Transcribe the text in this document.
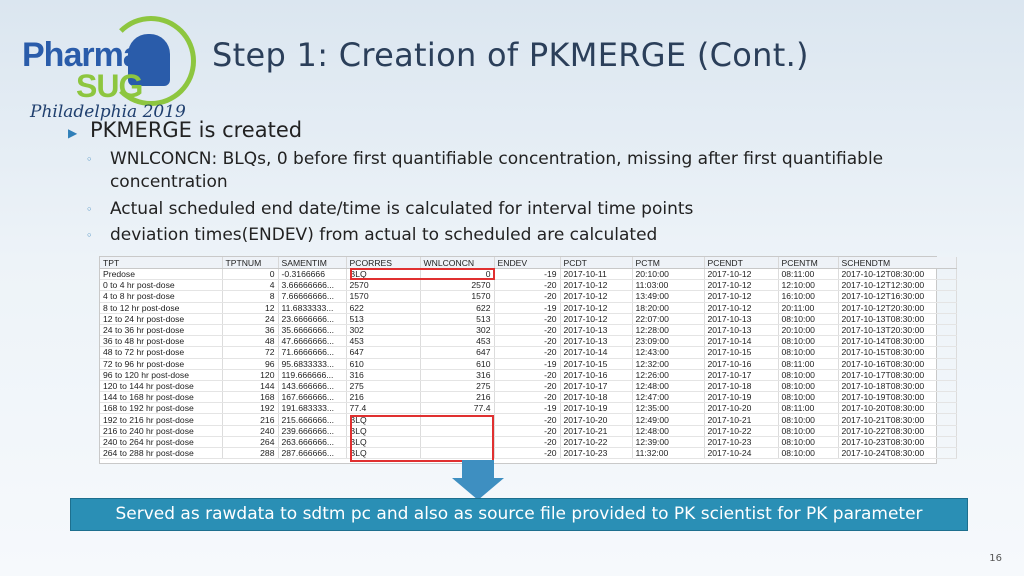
Pharma
SUG
Philadelphia 2019
Step 1: Creation of PKMERGE (Cont.)
▶ PKMERGE is created
◦	WNLCONCN: BLQs, 0 before first quantifiable concentration, missing after first quantifiable concentration
◦	Actual scheduled end date/time is calculated for interval time points
◦	deviation times(ENDEV) from actual to scheduled are calculated
TPT	TPTNUM	SAMENTIM	PCORRES	WNLCONCN	ENDEV	PCDT	PCTM	PCENDT	PCENTM	SCHENDTM
Predose	0	-0.3166666	BLQ	0	-19	2017-10-11	20:10:00	2017-10-12	08:11:00	2017-10-12T08:30:00
0 to 4 hr post-dose	4	3.66666666...	2570	2570	-20	2017-10-12	11:03:00	2017-10-12	12:10:00	2017-10-12T12:30:00
4 to 8 hr post-dose	8	7.66666666...	1570	1570	-20	2017-10-12	13:49:00	2017-10-12	16:10:00	2017-10-12T16:30:00
8 to 12 hr post-dose	12	11.6833333...	622	622	-19	2017-10-12	18:20:00	2017-10-12	20:11:00	2017-10-12T20:30:00
12 to 24 hr post-dose	24	23.6666666...	513	513	-20	2017-10-12	22:07:00	2017-10-13	08:10:00	2017-10-13T08:30:00
24 to 36 hr post-dose	36	35.6666666...	302	302	-20	2017-10-13	12:28:00	2017-10-13	20:10:00	2017-10-13T20:30:00
36 to 48 hr post-dose	48	47.6666666...	453	453	-20	2017-10-13	23:09:00	2017-10-14	08:10:00	2017-10-14T08:30:00
48 to 72 hr post-dose	72	71.6666666...	647	647	-20	2017-10-14	12:43:00	2017-10-15	08:10:00	2017-10-15T08:30:00
72 to 96 hr post-dose	96	95.6833333...	610	610	-19	2017-10-15	12:32:00	2017-10-16	08:11:00	2017-10-16T08:30:00
96 to 120 hr post-dose	120	119.666666...	316	316	-20	2017-10-16	12:26:00	2017-10-17	08:10:00	2017-10-17T08:30:00
120 to 144 hr post-dose	144	143.666666...	275	275	-20	2017-10-17	12:48:00	2017-10-18	08:10:00	2017-10-18T08:30:00
144 to 168 hr post-dose	168	167.666666...	216	216	-20	2017-10-18	12:47:00	2017-10-19	08:10:00	2017-10-19T08:30:00
168 to 192 hr post-dose	192	191.683333...	77.4	77.4	-19	2017-10-19	12:35:00	2017-10-20	08:11:00	2017-10-20T08:30:00
192 to 216 hr post-dose	216	215.666666...	BLQ		-20	2017-10-20	12:49:00	2017-10-21	08:10:00	2017-10-21T08:30:00
216 to 240 hr post-dose	240	239.666666...	BLQ		-20	2017-10-21	12:48:00	2017-10-22	08:10:00	2017-10-22T08:30:00
240 to 264 hr post-dose	264	263.666666...	BLQ		-20	2017-10-22	12:39:00	2017-10-23	08:10:00	2017-10-23T08:30:00
264 to 288 hr post-dose	288	287.666666...	BLQ		-20	2017-10-23	11:32:00	2017-10-24	08:10:00	2017-10-24T08:30:00
Served as rawdata to sdtm pc and also as source file provided to PK scientist for PK parameter
16
